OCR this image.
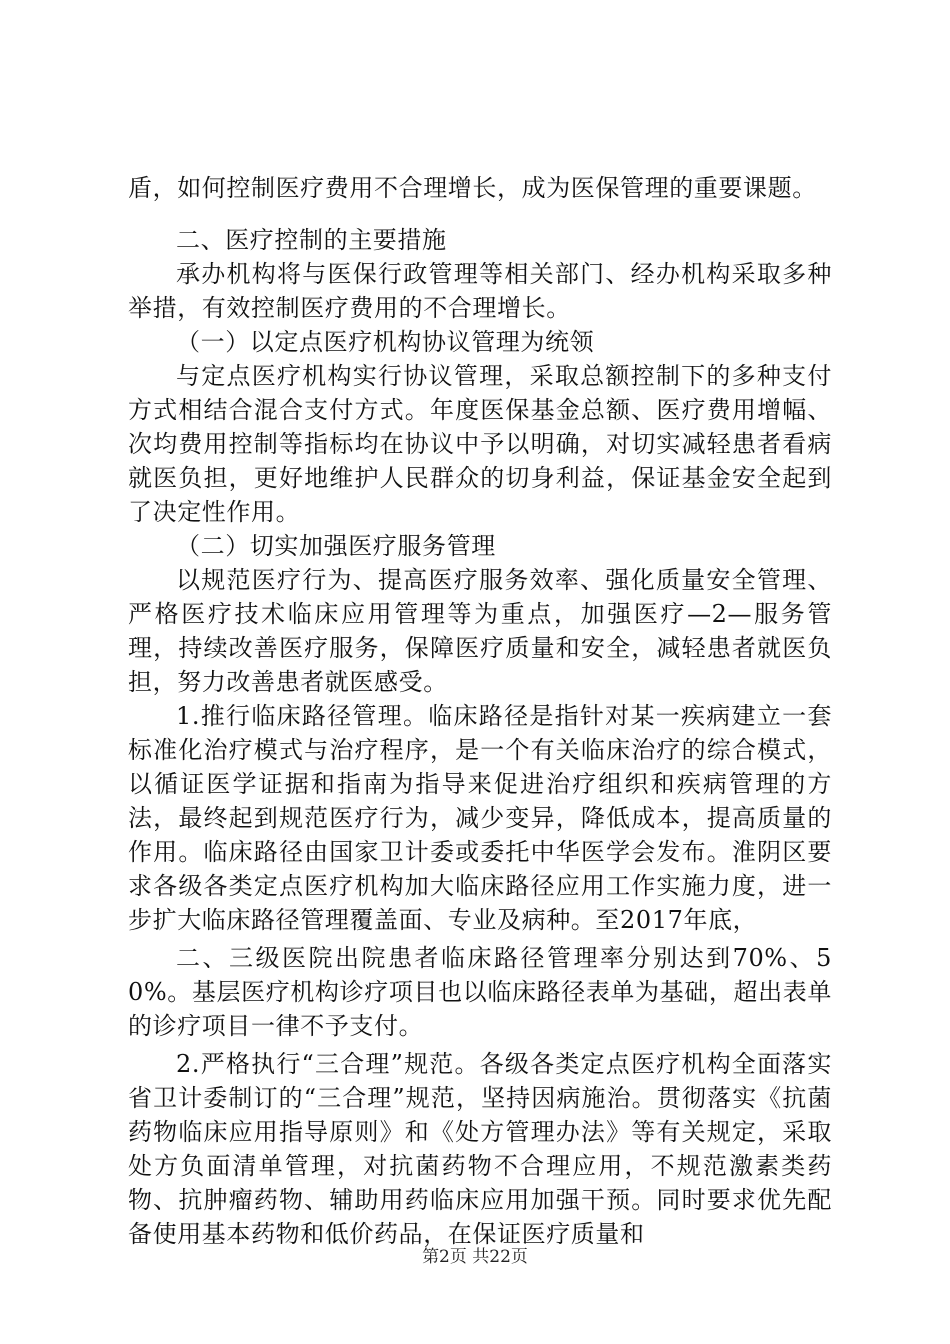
盾，如何控制医疗费用不合理增长，成为医保管理的重要课题。

二、医疗控制的主要措施

承办机构将与医保行政管理等相关部门、经办机构采取多种举措，有效控制医疗费用的不合理增长。

（一）以定点医疗机构协议管理为统领

与定点医疗机构实行协议管理，采取总额控制下的多种支付方式相结合混合支付方式。年度医保基金总额、医疗费用增幅、次均费用控制等指标均在协议中予以明确，对切实减轻患者看病就医负担，更好地维护人民群众的切身利益，保证基金安全起到了决定性作用。

（二）切实加强医疗服务管理

以规范医疗行为、提高医疗服务效率、强化质量安全管理、严格医疗技术临床应用管理等为重点，加强医疗—2—服务管理，持续改善医疗服务，保障医疗质量和安全，减轻患者就医负担，努力改善患者就医感受。

1.推行临床路径管理。临床路径是指针对某一疾病建立一套标准化治疗模式与治疗程序，是一个有关临床治疗的综合模式，以循证医学证据和指南为指导来促进治疗组织和疾病管理的方法，最终起到规范医疗行为，减少变异，降低成本，提高质量的作用。临床路径由国家卫计委或委托中华医学会发布。淮阴区要求各级各类定点医疗机构加大临床路径应用工作实施力度，进一步扩大临床路径管理覆盖面、专业及病种。至2017年底，

二、三级医院出院患者临床路径管理率分别达到70%、50%。基层医疗机构诊疗项目也以临床路径表单为基础，超出表单的诊疗项目一律不予支付。

2.严格执行“三合理”规范。各级各类定点医疗机构全面落实省卫计委制订的“三合理”规范，坚持因病施治。贯彻落实《抗菌药物临床应用指导原则》和《处方管理办法》等有关规定，采取处方负面清单管理，对抗菌药物不合理应用，不规范激素类药物、抗肿瘤药物、辅助用药临床应用加强干预。同时要求优先配备使用基本药物和低价药品，在保证医疗质量和

第2页 共22页
